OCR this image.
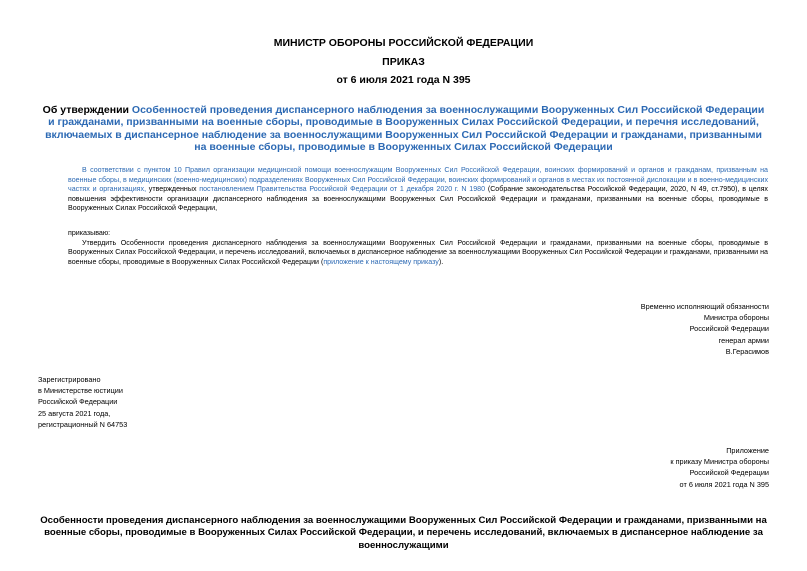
МИНИСТР ОБОРОНЫ РОССИЙСКОЙ ФЕДЕРАЦИИ
ПРИКАЗ
от 6 июля 2021 года N 395
Об утверждении Особенностей проведения диспансерного наблюдения за военнослужащими Вооруженных Сил Российской Федерации и гражданами, призванными на военные сборы, проводимые в Вооруженных Силах Российской Федерации, и перечня исследований, включаемых в диспансерное наблюдение за военнослужащими Вооруженных Сил Российской Федерации и гражданами, призванными на военные сборы, проводимые в Вооруженных Силах Российской Федерации

В соответствии с пунктом 10 Правил организации медицинской помощи военнослужащим Вооруженных Сил Российской Федерации, воинских формирований и органов и гражданам, призванным на военные сборы, в медицинских (военно-медицинских) подразделениях Вооруженных Сил Российской Федерации, воинских формирований и органов в местах их постоянной дислокации и в военно-медицинских частях и организациях, утвержденных постановлением Правительства Российской Федерации от 1 декабря 2020 г. N 1980 (Собрание законодательства Российской Федерации, 2020, N 49, ст.7950), в целях повышения эффективности организации диспансерного наблюдения за военнослужащими Вооруженных Сил Российской Федерации и гражданами, призванными на военные сборы, проводимые в Вооруженных Силах Российской Федерации,

приказываю:

Утвердить Особенности проведения диспансерного наблюдения за военнослужащими Вооруженных Сил Российской Федерации и гражданами, призванными на военные сборы, проводимые в Вооруженных Силах Российской Федерации, и перечень исследований, включаемых в диспансерное наблюдение за военнослужащими Вооруженных Сил Российской Федерации и гражданами, призванными на военные сборы, проводимые в Вооруженных Силах Российской Федерации (приложение к настоящему приказу).

Временно исполняющий обязанности
Министра обороны
Российской Федерации
генерал армии
В.Герасимов
Зарегистрировано
в Министерстве юстиции
Российской Федерации
25 августа 2021 года,
регистрационный N 64753
Приложение
к приказу Министра обороны
Российской Федерации
от 6 июля 2021 года N 395
Особенности проведения диспансерного наблюдения за военнослужащими Вооруженных Сил Российской Федерации и гражданами, призванными на военные сборы, проводимые в Вооруженных Силах Российской Федерации, и перечень исследований, включаемых в диспансерное наблюдение за военнослужащими
